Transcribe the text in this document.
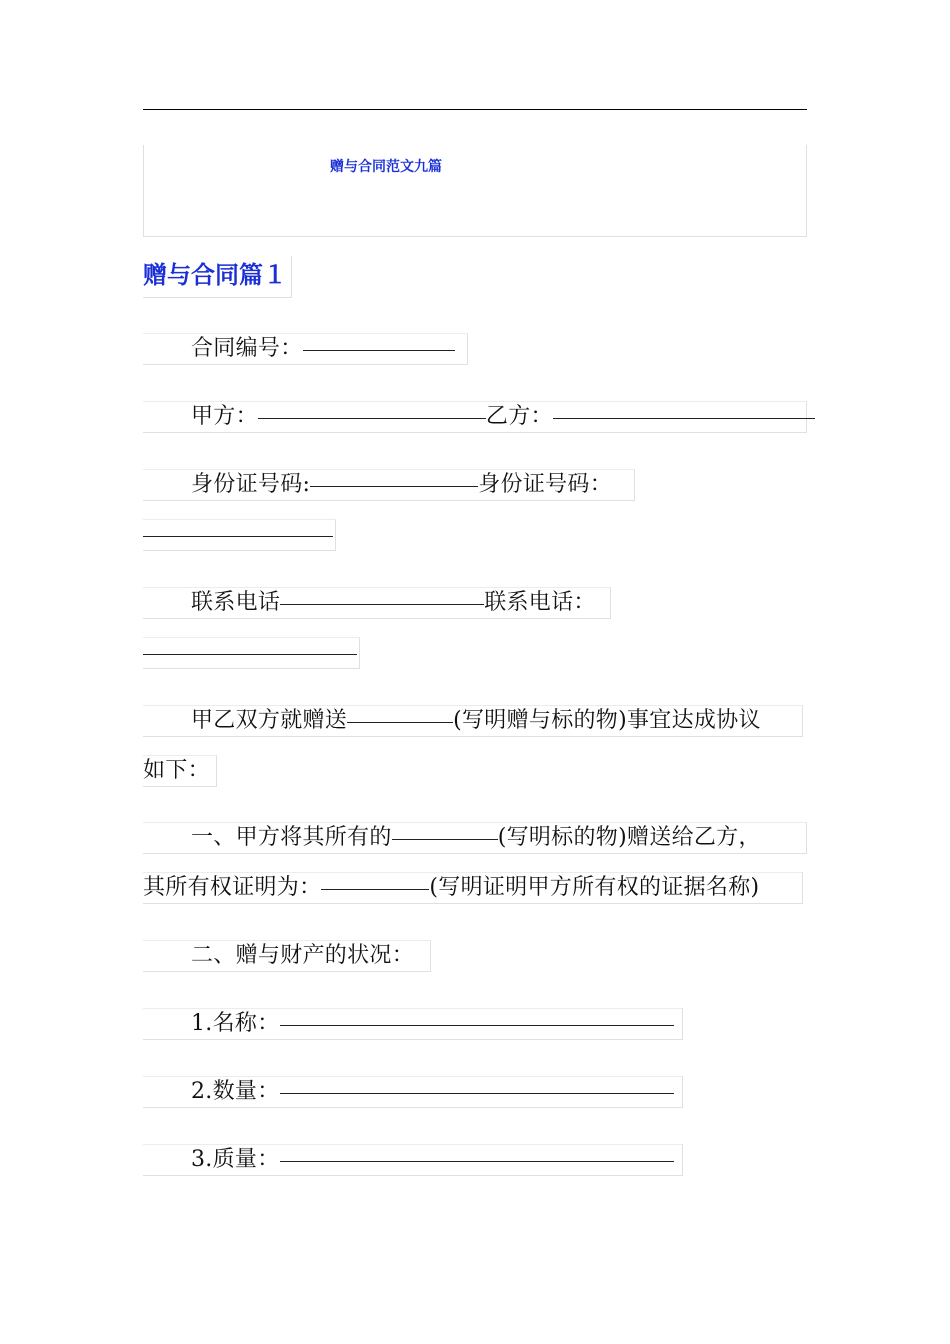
赠与合同范文九篇
赠与合同篇１
合同编号：
甲方：	乙方：
身份证号码:	身份证号码：
联系电话	联系电话：
甲乙双方就赠送	(写明赠与标的物)事宜达成协议
如下：
一、甲方将其所有的	(写明标的物)赠送给乙方，
其所有权证明为：	(写明证明甲方所有权的证据名称)
二、赠与财产的状况：
1.名称：
2.数量：
3.质量：
